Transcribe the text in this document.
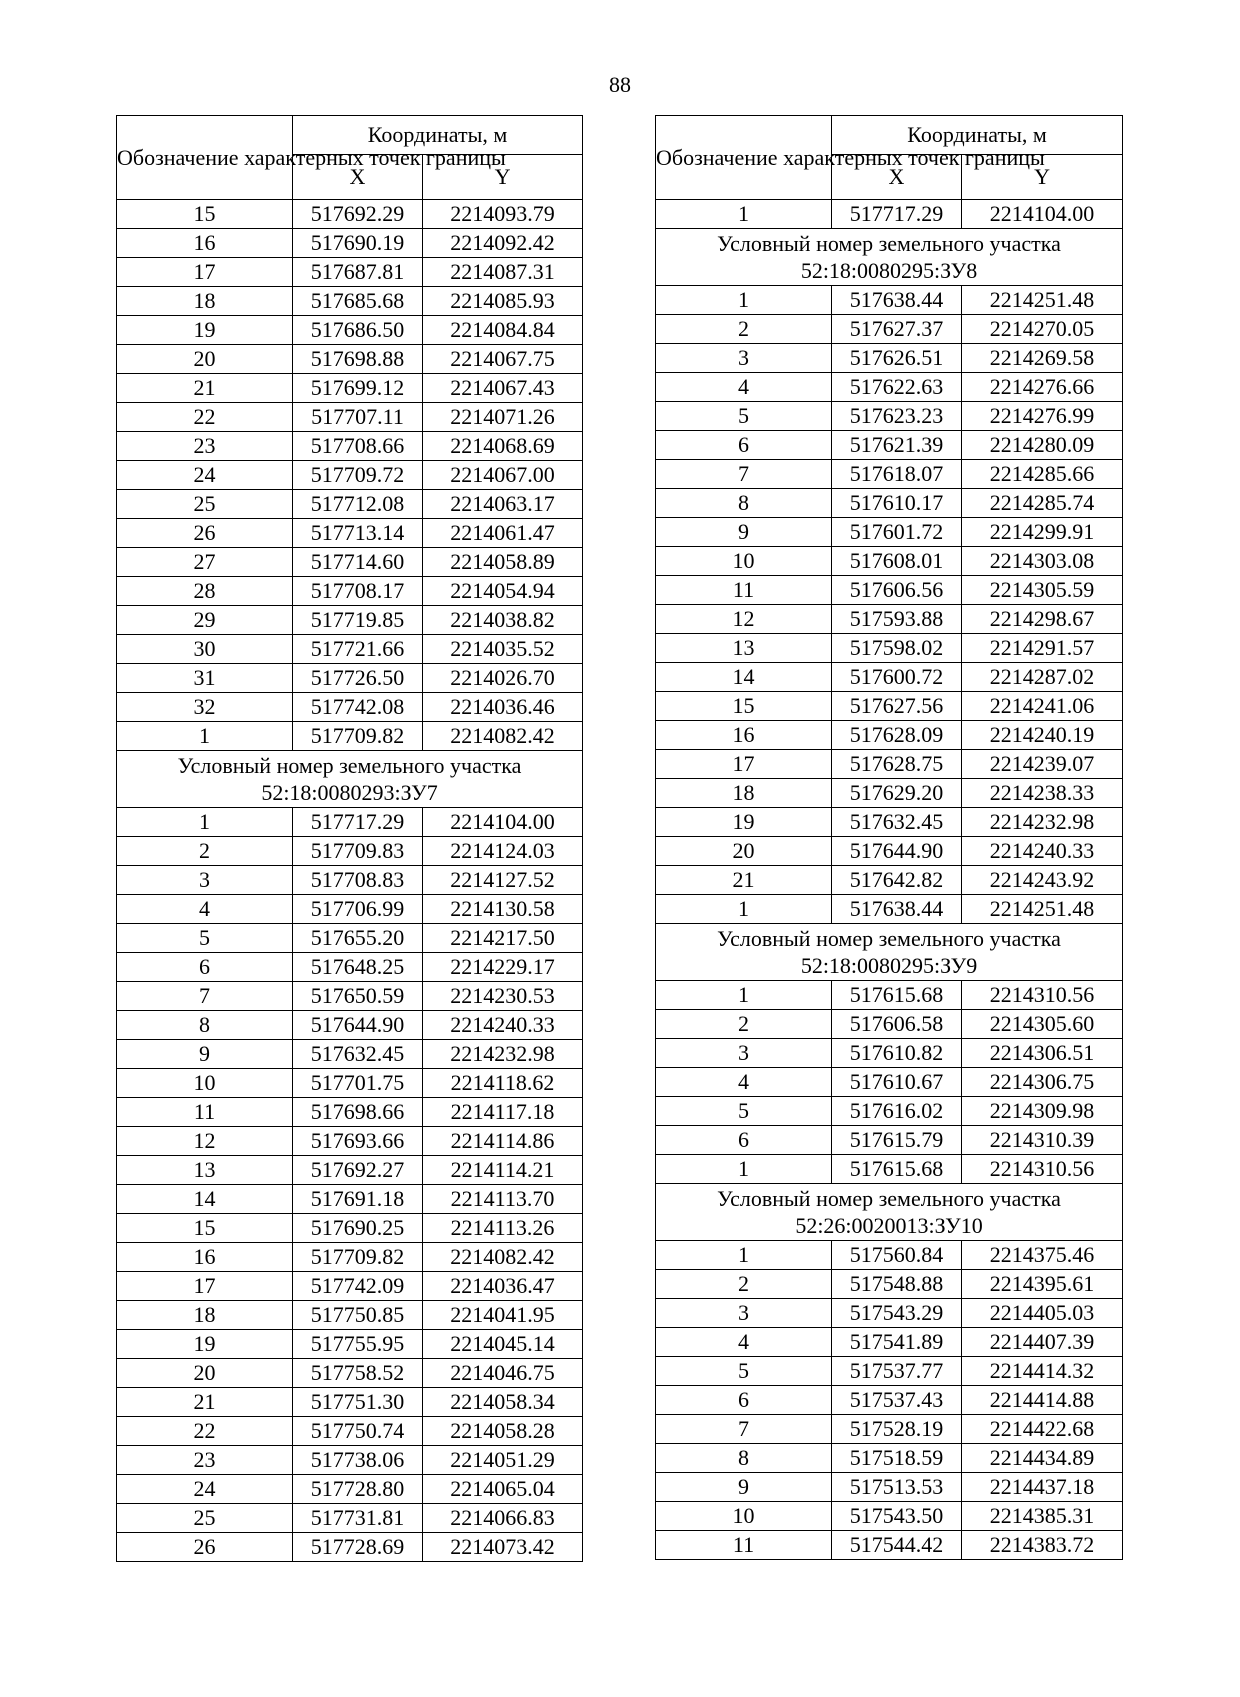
88
Обозначение характерных точек границы	Координаты, м	
	X	Y
15	517692.29	2214093.79
16	517690.19	2214092.42
17	517687.81	2214087.31
18	517685.68	2214085.93
19	517686.50	2214084.84
20	517698.88	2214067.75
21	517699.12	2214067.43
22	517707.11	2214071.26
23	517708.66	2214068.69
24	517709.72	2214067.00
25	517712.08	2214063.17
26	517713.14	2214061.47
27	517714.60	2214058.89
28	517708.17	2214054.94
29	517719.85	2214038.82
30	517721.66	2214035.52
31	517726.50	2214026.70
32	517742.08	2214036.46
1	517709.82	2214082.42
Условный номер земельного участка 52:18:0080293:ЗУ7		
1	517717.29	2214104.00
2	517709.83	2214124.03
3	517708.83	2214127.52
4	517706.99	2214130.58
5	517655.20	2214217.50
6	517648.25	2214229.17
7	517650.59	2214230.53
8	517644.90	2214240.33
9	517632.45	2214232.98
10	517701.75	2214118.62
11	517698.66	2214117.18
12	517693.66	2214114.86
13	517692.27	2214114.21
14	517691.18	2214113.70
15	517690.25	2214113.26
16	517709.82	2214082.42
17	517742.09	2214036.47
18	517750.85	2214041.95
19	517755.95	2214045.14
20	517758.52	2214046.75
21	517751.30	2214058.34
22	517750.74	2214058.28
23	517738.06	2214051.29
24	517728.80	2214065.04
25	517731.81	2214066.83
26	517728.69	2214073.42
Обозначение характерных точек границы	Координаты, м	
	X	Y
1	517717.29	2214104.00
Условный номер земельного участка 52:18:0080295:ЗУ8		
1	517638.44	2214251.48
2	517627.37	2214270.05
3	517626.51	2214269.58
4	517622.63	2214276.66
5	517623.23	2214276.99
6	517621.39	2214280.09
7	517618.07	2214285.66
8	517610.17	2214285.74
9	517601.72	2214299.91
10	517608.01	2214303.08
11	517606.56	2214305.59
12	517593.88	2214298.67
13	517598.02	2214291.57
14	517600.72	2214287.02
15	517627.56	2214241.06
16	517628.09	2214240.19
17	517628.75	2214239.07
18	517629.20	2214238.33
19	517632.45	2214232.98
20	517644.90	2214240.33
21	517642.82	2214243.92
1	517638.44	2214251.48
Условный номер земельного участка 52:18:0080295:ЗУ9		
1	517615.68	2214310.56
2	517606.58	2214305.60
3	517610.82	2214306.51
4	517610.67	2214306.75
5	517616.02	2214309.98
6	517615.79	2214310.39
1	517615.68	2214310.56
Условный номер земельного участка 52:26:0020013:ЗУ10		
1	517560.84	2214375.46
2	517548.88	2214395.61
3	517543.29	2214405.03
4	517541.89	2214407.39
5	517537.77	2214414.32
6	517537.43	2214414.88
7	517528.19	2214422.68
8	517518.59	2214434.89
9	517513.53	2214437.18
10	517543.50	2214385.31
11	517544.42	2214383.72
